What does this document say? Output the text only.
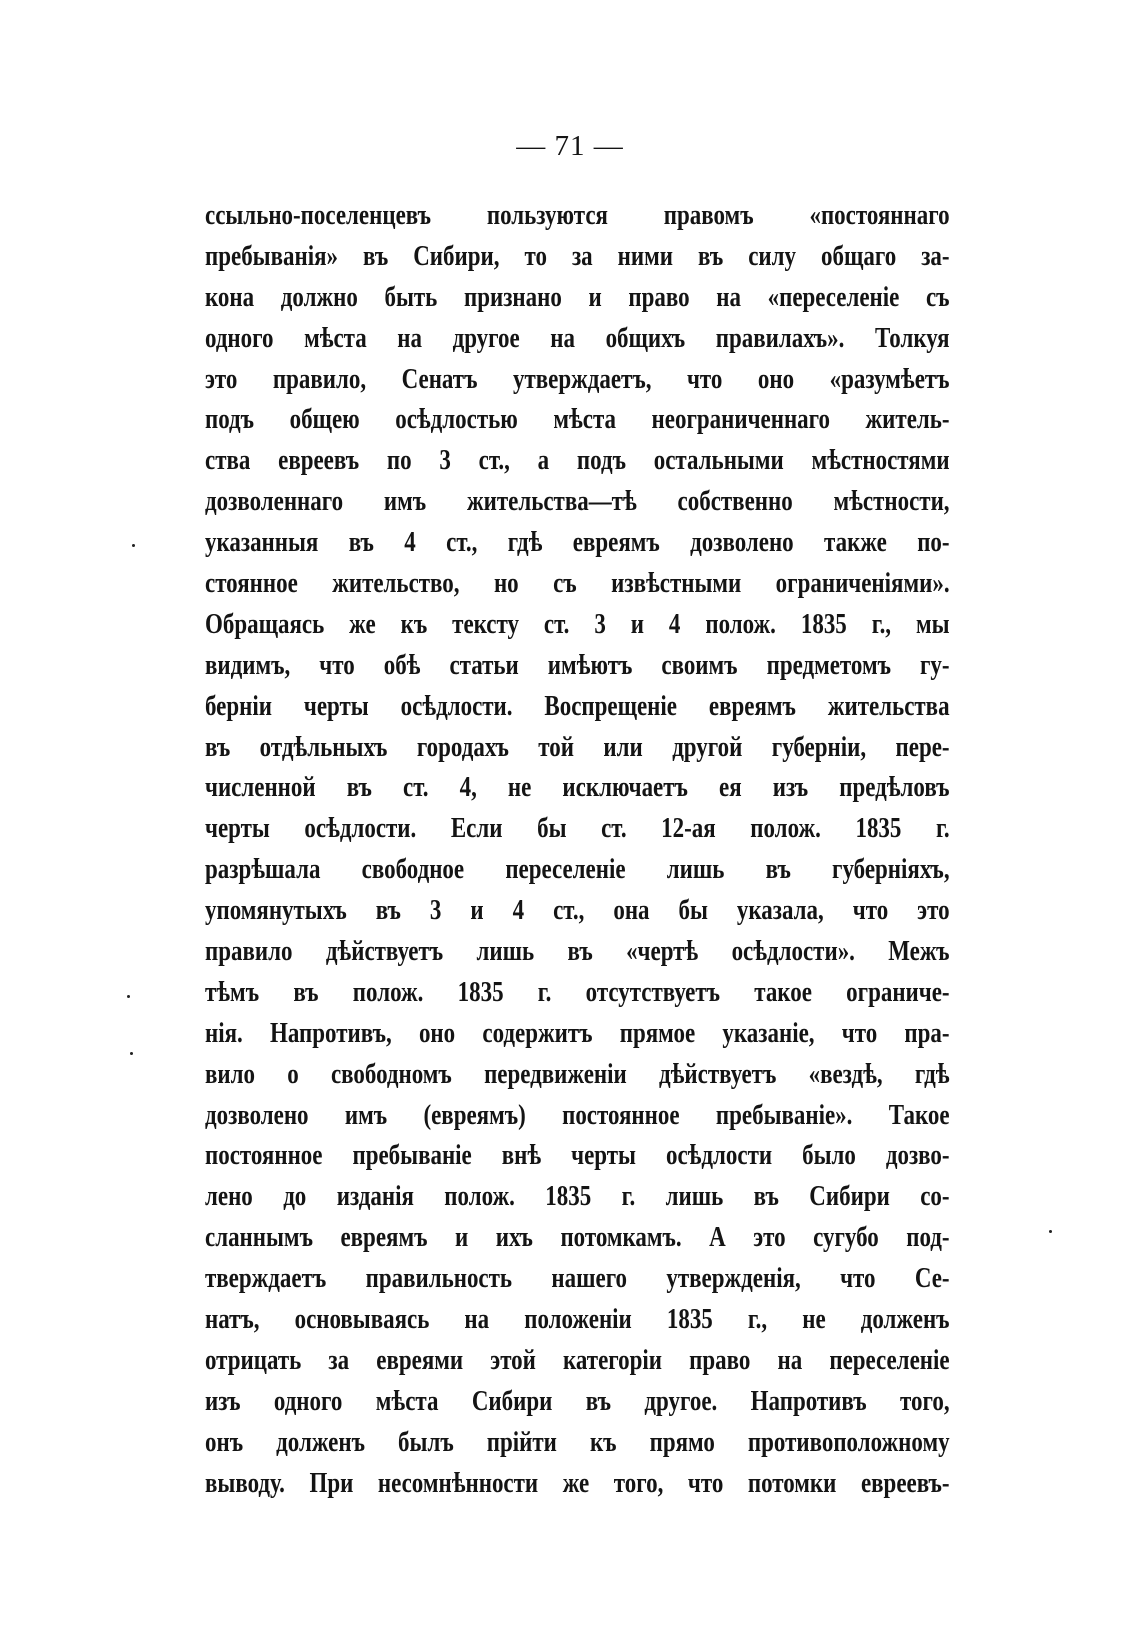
— 71 —
ссыльно-поселенцевъ пользуются правомъ «постояннаго
пребыванія» въ Сибири, то за ними въ силу общаго за-
кона должно быть признано и право на «переселеніе съ
одного мѣста на другое на общихъ правилахъ». Толкуя
это правило, Сенатъ утверждаетъ, что оно «разумѣетъ
подъ общею осѣдлостью мѣста неограниченнаго житель-
ства евреевъ по 3 ст., а подъ остальными мѣстностями
дозволеннаго имъ жительства—тѣ собственно мѣстности,
указанныя въ 4 ст., гдѣ евреямъ дозволено также по-
стоянное жительство, но съ извѣстными ограниченіями».
Обращаясь же къ тексту ст. 3 и 4 полож. 1835 г., мы
видимъ, что обѣ статьи имѣютъ своимъ предметомъ гу-
берніи черты осѣдлости. Воспрещеніе евреямъ жительства
въ отдѣльныхъ городахъ той или другой губерніи, пере-
численной въ ст. 4, не исключаетъ ея изъ предѣловъ
черты осѣдлости. Если бы ст. 12-ая полож. 1835 г.
разрѣшала свободное переселеніе лишь въ губерніяхъ,
упомянутыхъ въ 3 и 4 ст., она бы указала, что это
правило дѣйствуетъ лишь въ «чертѣ осѣдлости». Межъ
тѣмъ въ полож. 1835 г. отсутствуетъ такое ограниче-
нія. Напротивъ, оно содержитъ прямое указаніе, что пра-
вило о свободномъ передвиженіи дѣйствуетъ «вездѣ, гдѣ
дозволено имъ (евреямъ) постоянное пребываніе». Такое
постоянное пребываніе внѣ черты осѣдлости было дозво-
лено до изданія полож. 1835 г. лишь въ Сибири со-
сланнымъ евреямъ и ихъ потомкамъ. А это сугубо под-
тверждаетъ правильность нашего утвержденія, что Се-
натъ, основываясь на положеніи 1835 г., не долженъ
отрицать за евреями этой категоріи право на переселеніе
изъ одного мѣста Сибири въ другое. Напротивъ того,
онъ долженъ былъ прійти къ прямо противоположному
выводу. При несомнѣнности же того, что потомки евреевъ-
